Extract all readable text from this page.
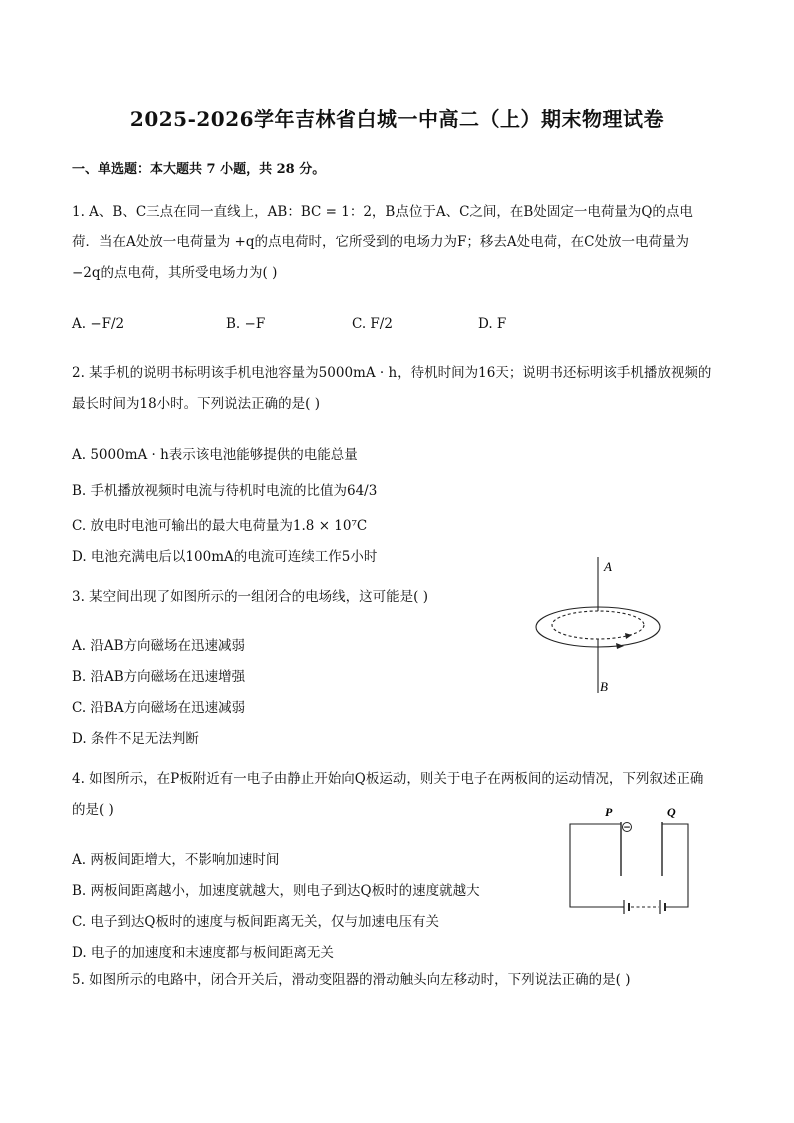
2025-2026学年吉林省白城一中高二（上）期末物理试卷
一、单选题：本大题共 7 小题，共 28 分。
1. A、B、C三点在同一直线上，AB：BC = 1：2，B点位于A、C之间，在B处固定一电荷量为Q的点电
荷．当在A处放一电荷量为 +q的点电荷时，它所受到的电场力为F；移去A处电荷，在C处放一电荷量为
−2q的点电荷，其所受电场力为( )
A. −F/2	B. −F	C. F/2	D. F
2. 某手机的说明书标明该手机电池容量为5000mA · h，待机时间为16天；说明书还标明该手机播放视频的
最长时间为18小时。下列说法正确的是( )
A. 5000mA · h表示该电池能够提供的电能总量
B. 手机播放视频时电流与待机时电流的比值为64/3
C. 放电时电池可输出的最大电荷量为1.8 × 10⁷C
D. 电池充满电后以100mA的电流可连续工作5小时
3. 某空间出现了如图所示的一组闭合的电场线，这可能是( )
A. 沿AB方向磁场在迅速减弱
B. 沿AB方向磁场在迅速增强
C. 沿BA方向磁场在迅速减弱
D. 条件不足无法判断
A
B
4. 如图所示，在P板附近有一电子由静止开始向Q板运动，则关于电子在两板间的运动情况，下列叙述正确
的是( )
A. 两板间距增大，不影响加速时间
B. 两板间距离越小，加速度就越大，则电子到达Q板时的速度就越大
C. 电子到达Q板时的速度与板间距离无关，仅与加速电压有关
D. 电子的加速度和末速度都与板间距离无关
−
P	Q
5. 如图所示的电路中，闭合开关后，滑动变阻器的滑动触头向左移动时，下列说法正确的是( )
